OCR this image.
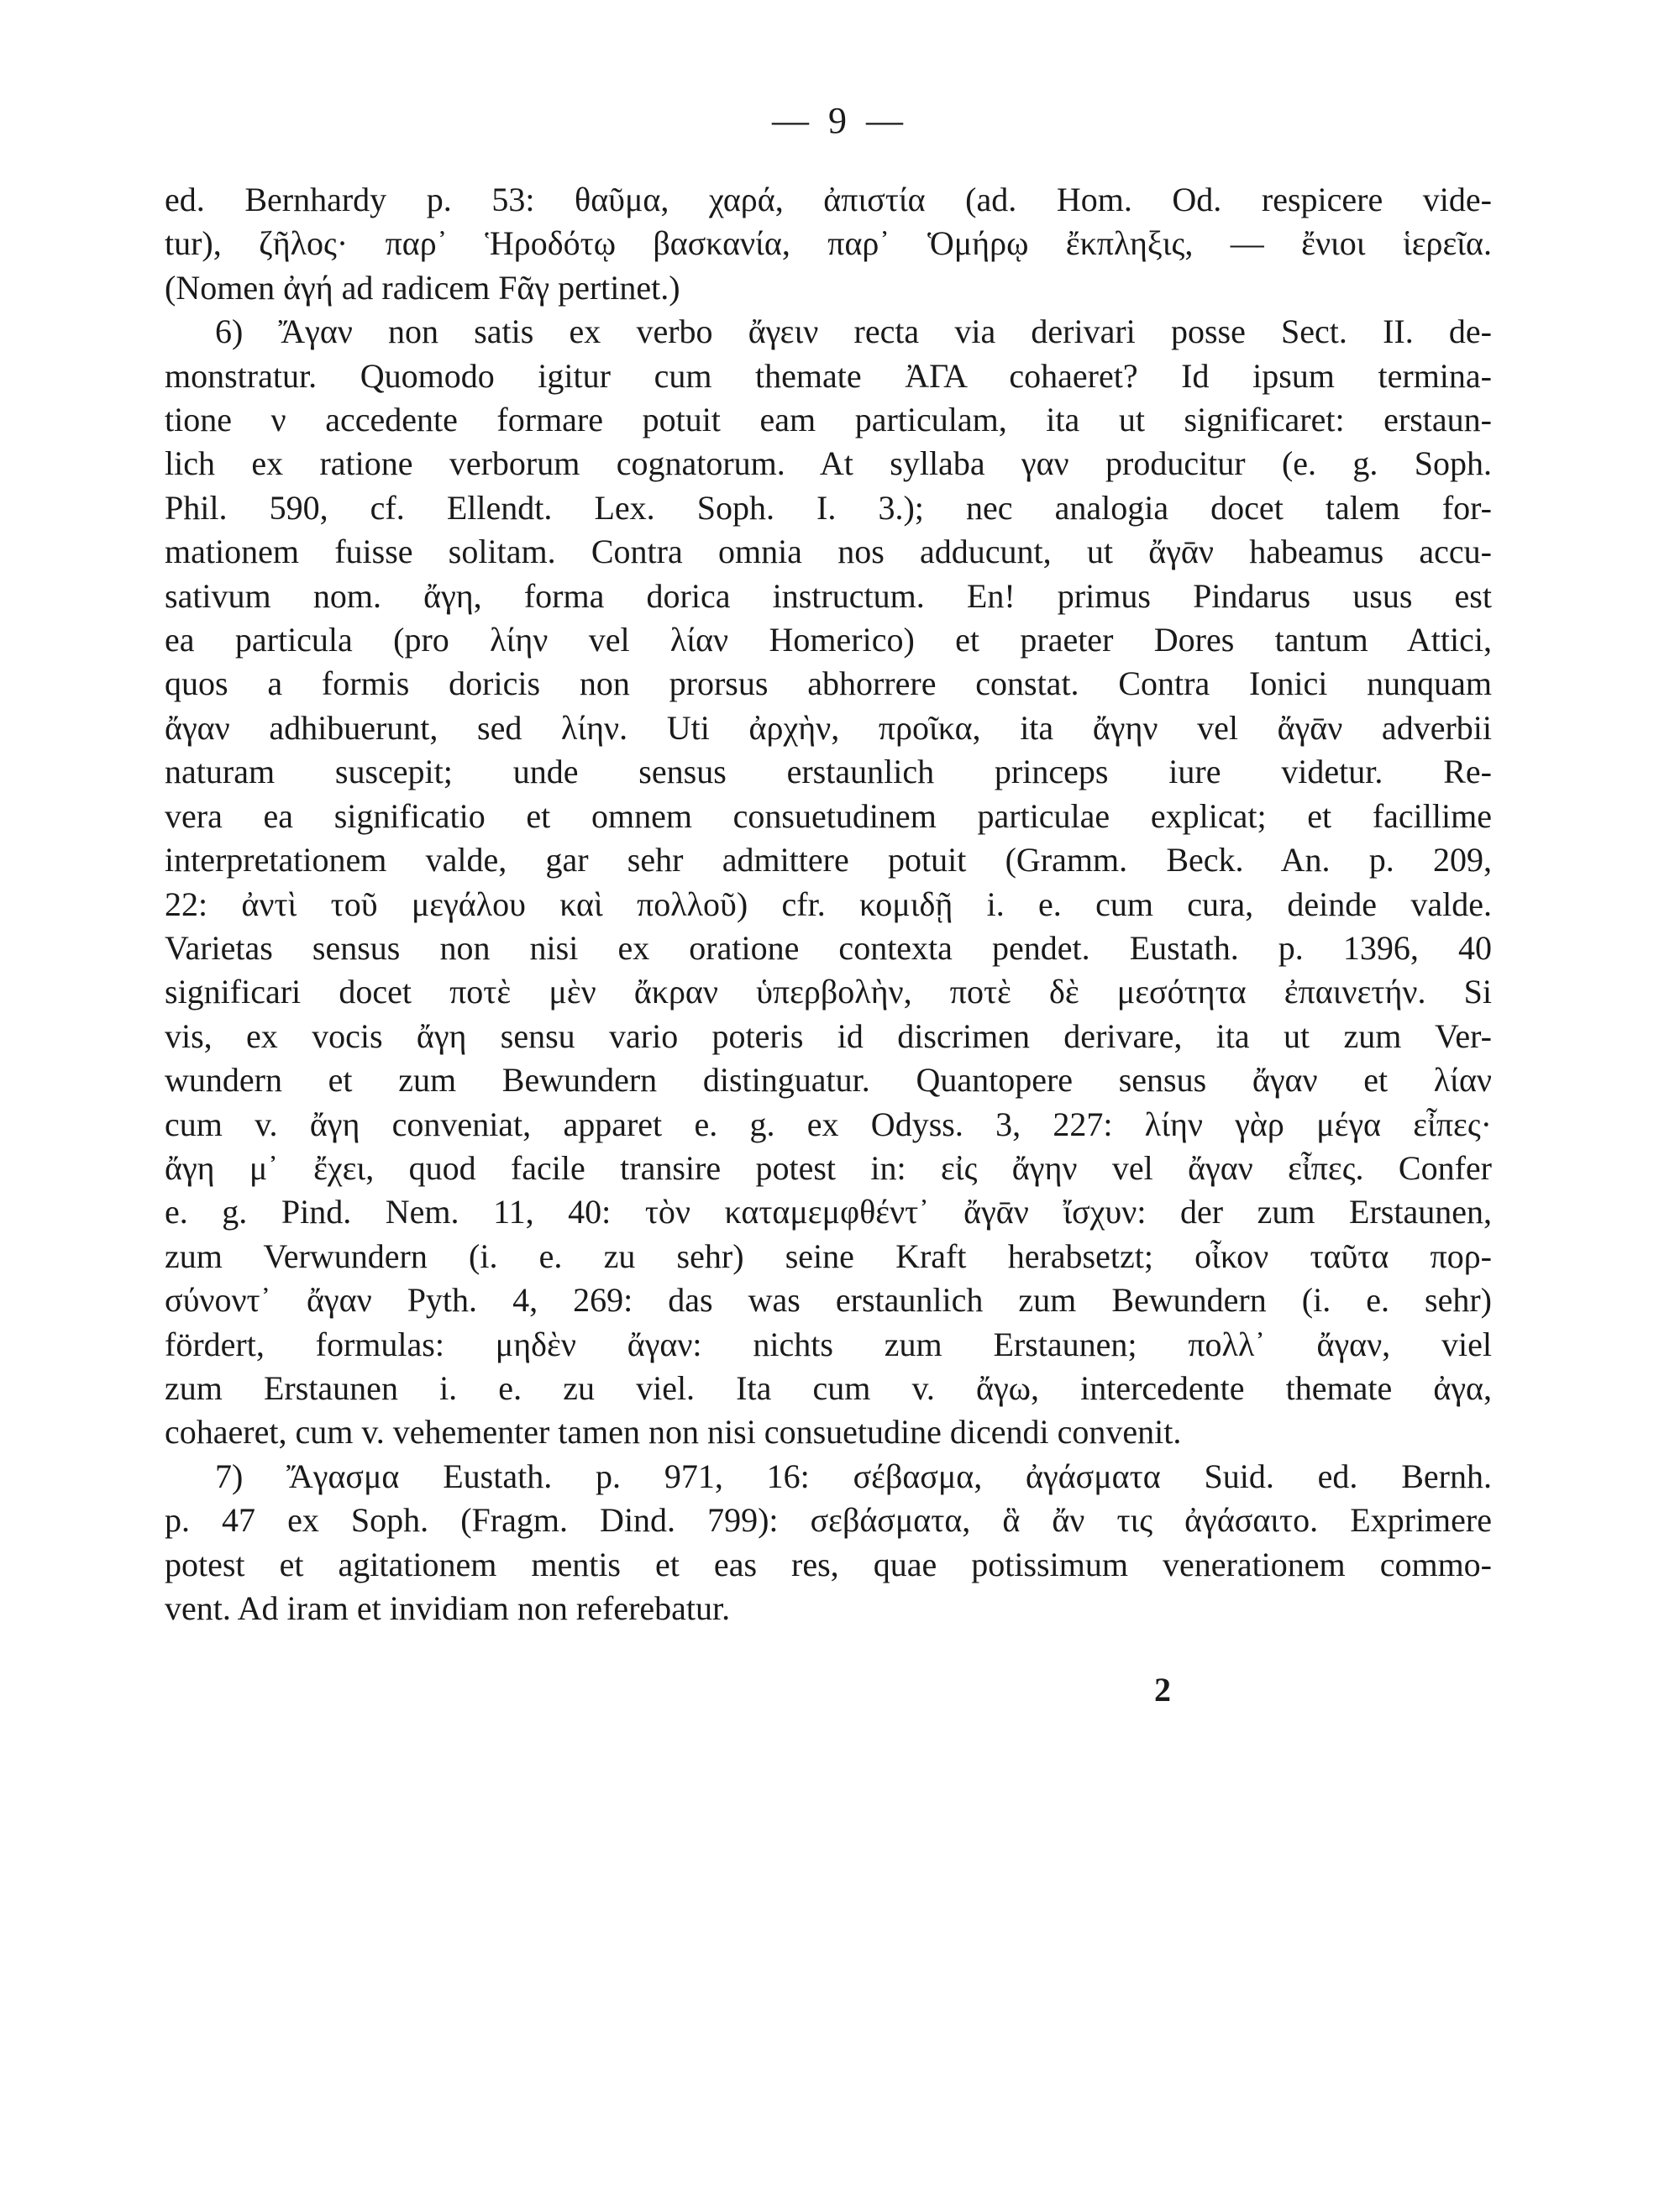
— 9 —
ed. Bernhardy p. 53: θαῦμα, χαρά, ἀπιστία (ad. Hom. Od. respicere vide-
tur), ζῆλος· παρ᾽ Ἡροδότῳ βασκανία, παρ᾽ Ὁμήρῳ ἔκπληξις, — ἔνιοι ἱερεῖα.
(Nomen ἀγή ad radicem Fᾶγ pertinet.)
6) Ἄγαν non satis ex verbo ἄγειν recta via derivari posse Sect. II. de-
monstratur. Quomodo igitur cum themate ἈΓΑ cohaeret? Id ipsum termina-
tione ν accedente formare potuit eam particulam, ita ut significaret: erstaun-
lich ex ratione verborum cognatorum. At syllaba γαν producitur (e. g. Soph.
Phil. 590, cf. Ellendt. Lex. Soph. I. 3.); nec analogia docet talem for-
mationem fuisse solitam. Contra omnia nos adducunt, ut ἄγᾱν habeamus accu-
sativum nom. ἄγη, forma dorica instructum. En! primus Pindarus usus est
ea particula (pro λίην vel λίαν Homerico) et praeter Dores tantum Attici,
quos a formis doricis non prorsus abhorrere constat. Contra Ionici nunquam
ἄγαν adhibuerunt, sed λίην. Uti ἀρχὴν, προῖκα, ita ἄγην vel ἄγᾱν adverbii
naturam suscepit; unde sensus erstaunlich princeps iure videtur. Re-
vera ea significatio et omnem consuetudinem particulae explicat; et facillime
interpretationem valde, gar sehr admittere potuit (Gramm. Beck. An. p. 209,
22: ἀντὶ τοῦ μεγάλου καὶ πολλοῦ) cfr. κομιδῇ i. e. cum cura, deinde valde.
Varietas sensus non nisi ex oratione contexta pendet. Eustath. p. 1396, 40
significari docet ποτὲ μὲν ἄκραν ὑπερβολὴν, ποτὲ δὲ μεσότητα ἐπαινετήν. Si
vis, ex vocis ἄγη sensu vario poteris id discrimen derivare, ita ut zum Ver-
wundern et zum Bewundern distinguatur. Quantopere sensus ἄγαν et λίαν
cum v. ἄγη conveniat, apparet e. g. ex Odyss. 3, 227: λίην γὰρ μέγα εἶπες·
ἄγη μ᾽ ἔχει, quod facile transire potest in: εἰς ἄγην vel ἄγαν εἶπες. Confer
e. g. Pind. Nem. 11, 40: τὸν καταμεμφθέντ᾽ ἄγᾱν ἴσχυν: der zum Erstaunen,
zum Verwundern (i. e. zu sehr) seine Kraft herabsetzt; οἶκον ταῦτα πορ-
σύνοντ᾽ ἄγαν Pyth. 4, 269: das was erstaunlich zum Bewundern (i. e. sehr)
fördert, formulas: μηδὲν ἄγαν: nichts zum Erstaunen; πολλ᾽ ἄγαν, viel
zum Erstaunen i. e. zu viel. Ita cum v. ἄγω, intercedente themate ἀγα,
cohaeret, cum v. vehementer tamen non nisi consuetudine dicendi convenit.
7) Ἄγασμα Eustath. p. 971, 16: σέβασμα, ἀγάσματα Suid. ed. Bernh.
p. 47 ex Soph. (Fragm. Dind. 799): σεβάσματα, ἃ ἄν τις ἀγάσαιτο. Exprimere
potest et agitationem mentis et eas res, quae potissimum venerationem commo-
vent. Ad iram et invidiam non referebatur.
2
